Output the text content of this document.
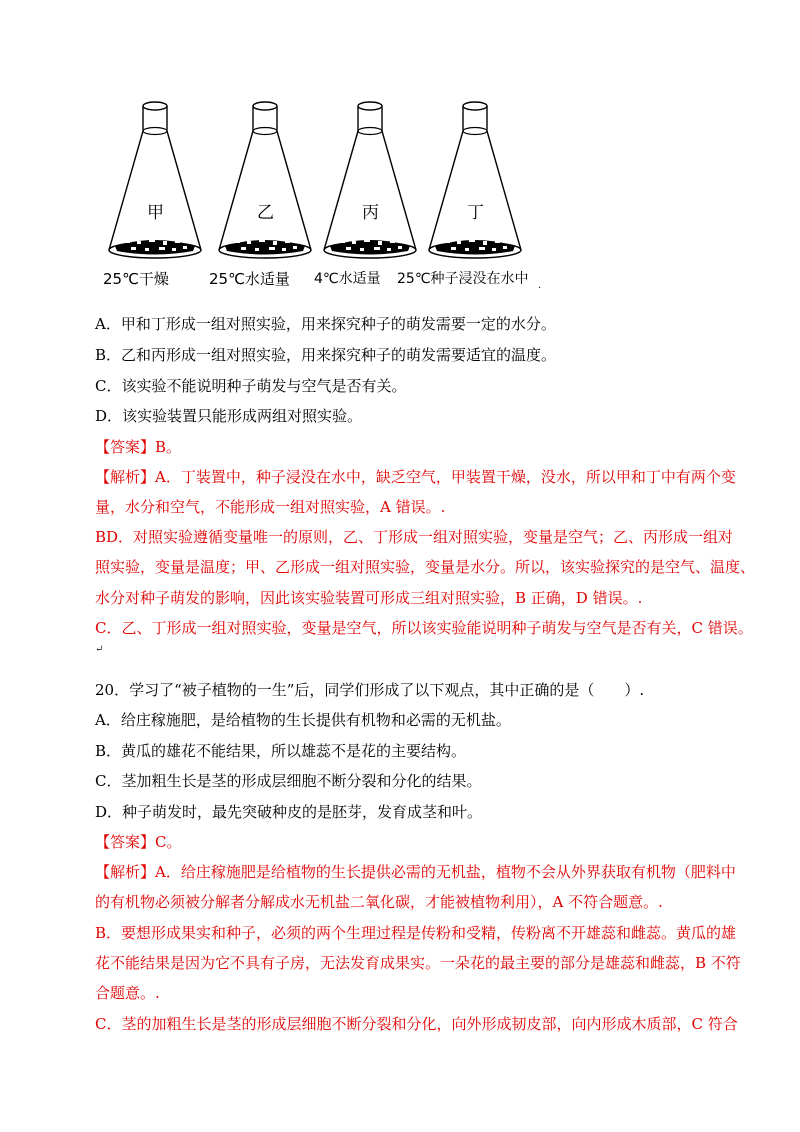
甲	乙	丙	丁
25℃干燥	25℃水适量 4℃水适量 25℃种子浸没在水中 .
A．甲和丁形成一组对照实验，用来探究种子的萌发需要一定的水分。
B．乙和丙形成一组对照实验，用来探究种子的萌发需要适宜的温度。
C．该实验不能说明种子萌发与空气是否有关。
D．该实验装置只能形成两组对照实验。
【答案】B。
【解析】A．丁装置中，种子浸没在水中，缺乏空气，甲装置干燥，没水，所以甲和丁中有两个变
量，水分和空气，不能形成一组对照实验，A 错误。.
BD．对照实验遵循变量唯一的原则，乙、丁形成一组对照实验，变量是空气；乙、丙形成一组对
照实验，变量是温度；甲、乙形成一组对照实验，变量是水分。所以，该实验探究的是空气、温度、
水分对种子萌发的影响，因此该实验装置可形成三组对照实验，B 正确，D 错误。.
C．乙、丁形成一组对照实验，变量是空气，所以该实验能说明种子萌发与空气是否有关，C 错误。
↵
20．学习了“被子植物的一生”后，同学们形成了以下观点，其中正确的是（　　）.
A．给庄稼施肥，是给植物的生长提供有机物和必需的无机盐。
B．黄瓜的雄花不能结果，所以雄蕊不是花的主要结构。
C．茎加粗生长是茎的形成层细胞不断分裂和分化的结果。
D．种子萌发时，最先突破种皮的是胚芽，发育成茎和叶。
【答案】C。
【解析】A．给庄稼施肥是给植物的生长提供必需的无机盐，植物不会从外界获取有机物（肥料中
的有机物必须被分解者分解成水无机盐二氧化碳，才能被植物利用），A 不符合题意。.
B．要想形成果实和种子，必须的两个生理过程是传粉和受精，传粉离不开雄蕊和雌蕊。黄瓜的雄
花不能结果是因为它不具有子房，无法发育成果实。一朵花的最主要的部分是雄蕊和雌蕊，B 不符
合题意。.
C．茎的加粗生长是茎的形成层细胞不断分裂和分化，向外形成韧皮部，向内形成木质部，C 符合
